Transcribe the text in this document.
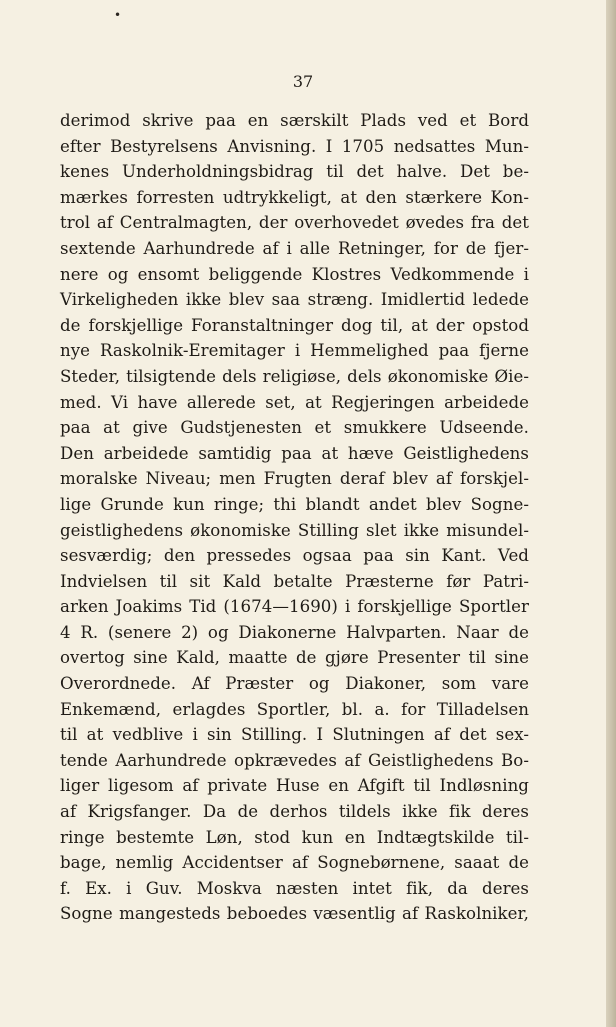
•
37
derimod skrive paa en særskilt Plads ved et Bord
efter Bestyrelsens Anvisning. I 1705 nedsattes Mun-
kenes Underholdningsbidrag til det halve. Det be-
mærkes forresten udtrykkeligt, at den stærkere Kon-
trol af Centralmagten, der overhovedet øvedes fra det
sextende Aarhundrede af i alle Retninger, for de fjer-
nere og ensomt beliggende Klostres Vedkommende i
Virkeligheden ikke blev saa stræng. Imidlertid ledede
de forskjellige Foranstaltninger dog til, at der opstod
nye Raskolnik-Eremitager i Hemmelighed paa fjerne
Steder, tilsigtende dels religiøse, dels økonomiske Øie-
med. Vi have allerede set, at Regjeringen arbeidede
paa at give Gudstjenesten et smukkere Udseende.
Den arbeidede samtidig paa at hæve Geistlighedens
moralske Niveau; men Frugten deraf blev af forskjel-
lige Grunde kun ringe; thi blandt andet blev Sogne-
geistlighedens økonomiske Stilling slet ikke misundel-
sesværdig; den pressedes ogsaa paa sin Kant. Ved
Indvielsen til sit Kald betalte Præsterne før Patri-
arken Joakims Tid (1674—1690) i forskjellige Sportler
4 R. (senere 2) og Diakonerne Halvparten. Naar de
overtog sine Kald, maatte de gjøre Presenter til sine
Overordnede. Af Præster og Diakoner, som vare
Enkemænd, erlagdes Sportler, bl. a. for Tilladelsen
til at vedblive i sin Stilling. I Slutningen af det sex-
tende Aarhundrede opkrævedes af Geistlighedens Bo-
liger ligesom af private Huse en Afgift til Indløsning
af Krigsfanger. Da de derhos tildels ikke fik deres
ringe bestemte Løn, stod kun en Indtægtskilde til-
bage, nemlig Accidentser af Sognebørnene, saaat de
f. Ex. i Guv. Moskva næsten intet fik, da deres
Sogne mangesteds beboedes væsentlig af Raskolniker,
